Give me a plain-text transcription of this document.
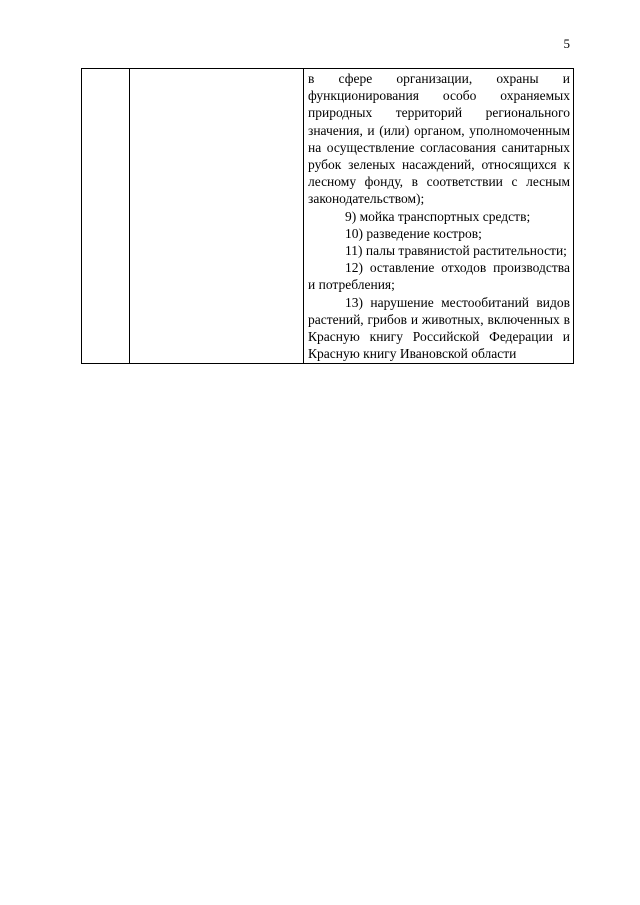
5

в сфере организации, охраны и функционирования особо охраняемых природных территорий регионального значения, и (или) органом, уполномоченным на осуществление согласования санитарных рубок зеленых насаждений, относящихся к лесному фонду, в соответствии с лесным законодательством);

9) мойка транспортных средств;

10) разведение костров;

11) палы травянистой растительности;

12) оставление отходов производства и потребления;

13) нарушение местообитаний видов растений, грибов и животных, включенных в Красную книгу Российской Федерации и Красную книгу Ивановской области
